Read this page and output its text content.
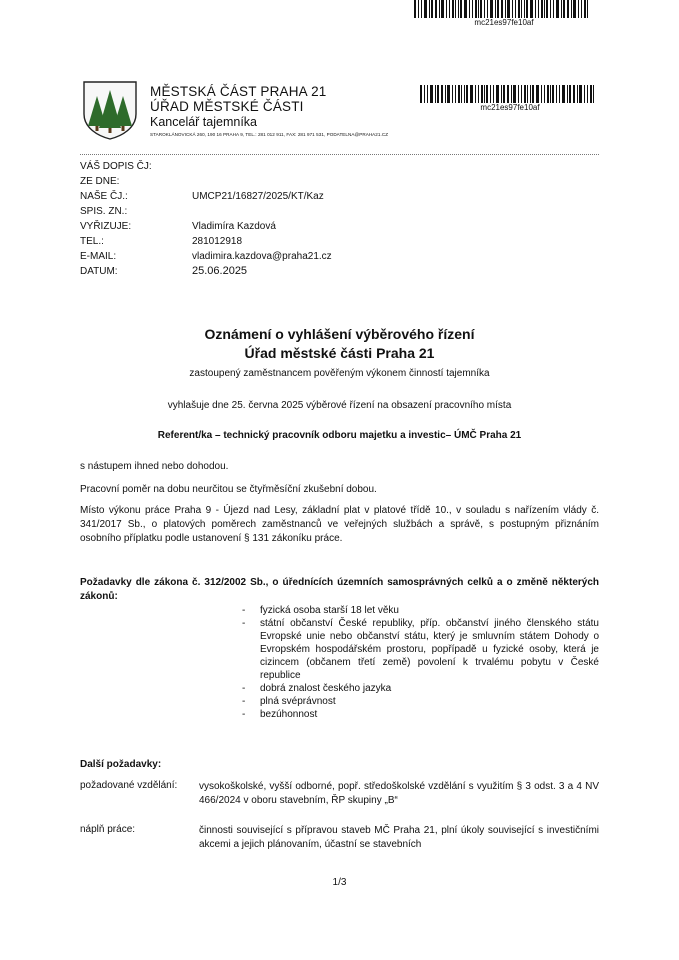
mc21es97fe10af
MĚSTSKÁ ČÁST PRAHA 21
ÚŘAD MĚSTSKÉ ČÁSTI
Kancelář tajemníka
STAROKLÁNOVICKÁ 260, 190 16 PRAHA 9, TEL.: 281 012 911, FAX: 281 971 531, PODATELNA@PRAHA21.CZ
mc21es97fe10af
VÁŠ DOPIS ČJ:
ZE DNE:
NAŠE ČJ.:	UMCP21/16827/2025/KT/Kaz
SPIS. ZN.:
VYŘIZUJE:	Vladimíra Kazdová
TEL.:	281012918
E-MAIL:	vladimira.kazdova@praha21.cz
DATUM:	25.06.2025
Oznámení o vyhlášení výběrového řízení
Úřad městské části Praha 21
zastoupený zaměstnancem pověřeným výkonem činností tajemníka
vyhlašuje dne 25. června 2025 výběrové řízení na obsazení pracovního místa
Referent/ka – technický pracovník odboru majetku a investic– ÚMČ Praha 21
s nástupem ihned nebo dohodou.
Pracovní poměr na dobu neurčitou se čtyřměsíční zkušební dobou.
Místo výkonu práce Praha 9 - Újezd nad Lesy, základní plat v platové třídě 10., v souladu s nařízením vlády č. 341/2017 Sb., o platových poměrech zaměstnanců ve veřejných službách a správě, s postupným přiznáním osobního příplatku podle ustanovení § 131 zákoníku práce.
Požadavky dle zákona č. 312/2002 Sb., o úřednících územních samosprávných celků a o změně některých zákonů:
- fyzická osoba starší 18 let věku
- státní občanství České republiky, příp. občanství jiného členského státu Evropské unie nebo občanství státu, který je smluvním státem Dohody o Evropském hospodářském prostoru, popřípadě u fyzické osoby, která je cizincem (občanem třetí země) povolení k trvalému pobytu v České republice
- dobrá znalost českého jazyka
- plná svéprávnost
- bezúhonnost
Další požadavky:
požadované vzdělání: vysokoškolské, vyšší odborné, popř. středoškolské vzdělání s využitím § 3 odst. 3 a 4 NV 466/2024 v oboru stavebním, ŘP skupiny „B“
náplň práce:	činnosti související s přípravou staveb MČ Praha 21, plní úkoly související s investičními akcemi a jejich plánovaním, účastní se stavebních
1/3
